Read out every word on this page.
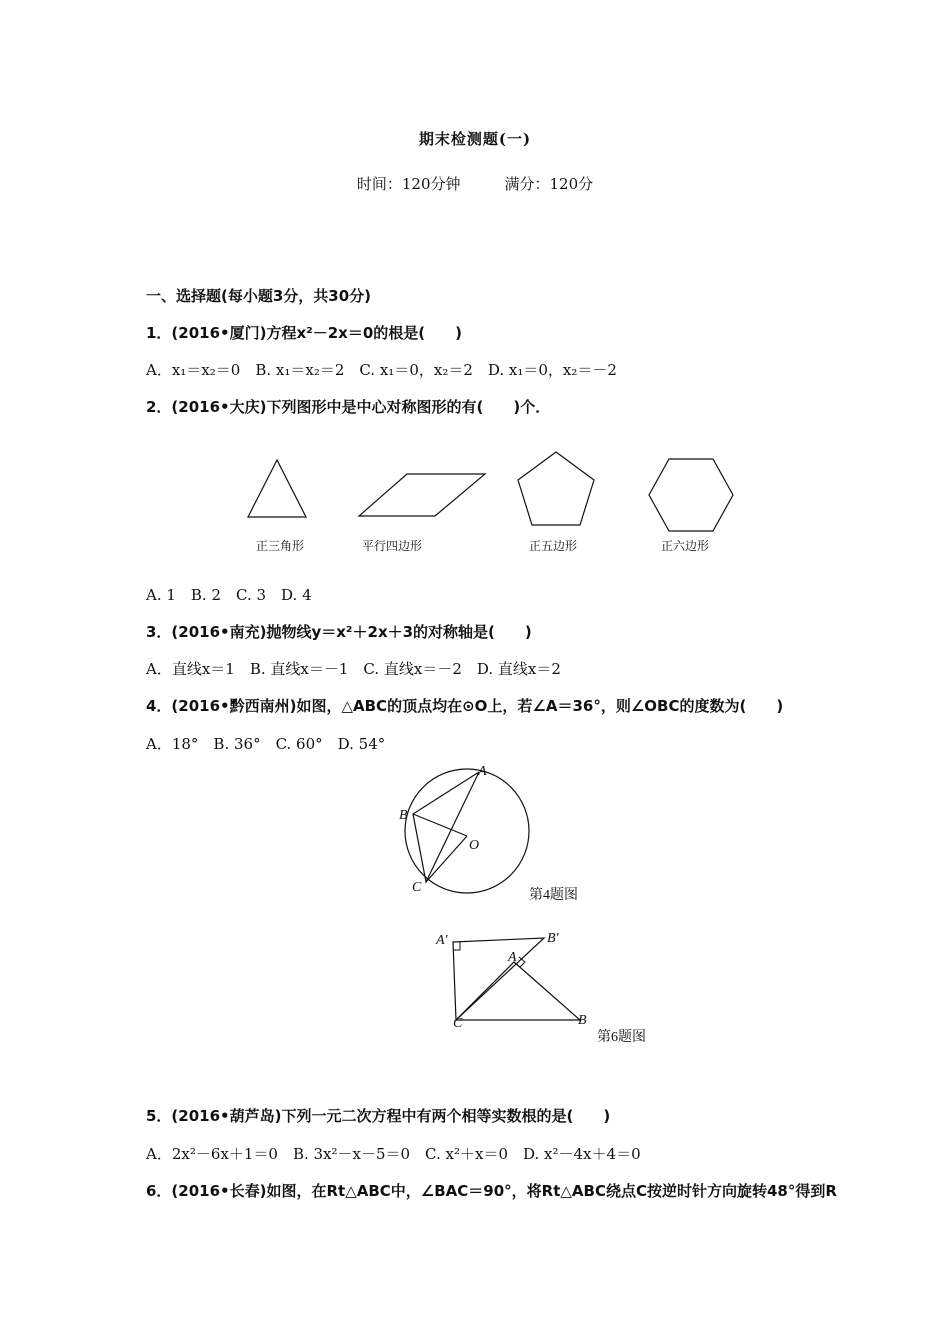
期末检测题(一)
时间：120分钟	满分：120分
一、选择题(每小题3分，共30分)
1．(2016•厦门)方程x²－2x＝0的根是(　　)
A．x₁＝x₂＝0　B. x₁＝x₂＝2　C. x₁＝0，x₂＝2　D. x₁＝0，x₂＝－2
2．(2016•大庆)下列图形中是中心对称图形的有(　　)个．
正三角形	平行四边形	正五边形	正六边形
A. 1　B. 2　C. 3　D. 4
3．(2016•南充)抛物线y＝x²＋2x＋3的对称轴是(　　)
A．直线x＝1　B. 直线x＝－1　C. 直线x＝－2　D. 直线x＝2
4．(2016•黔西南州)如图，△ABC的顶点均在⊙O上，若∠A＝36°，则∠OBC的度数为(　　)
A．18°　B. 36°　C. 60°　D. 54°
A
B
C
O
第4题图
A′	B′
A
C	B
第6题图
5．(2016•葫芦岛)下列一元二次方程中有两个相等实数根的是(　　)
A．2x²－6x＋1＝0　B. 3x²－x－5＝0　C. x²＋x＝0　D. x²－4x＋4＝0
6．(2016•长春)如图，在Rt△ABC中，∠BAC＝90°，将Rt△ABC绕点C按逆时针方向旋转48°得到R
